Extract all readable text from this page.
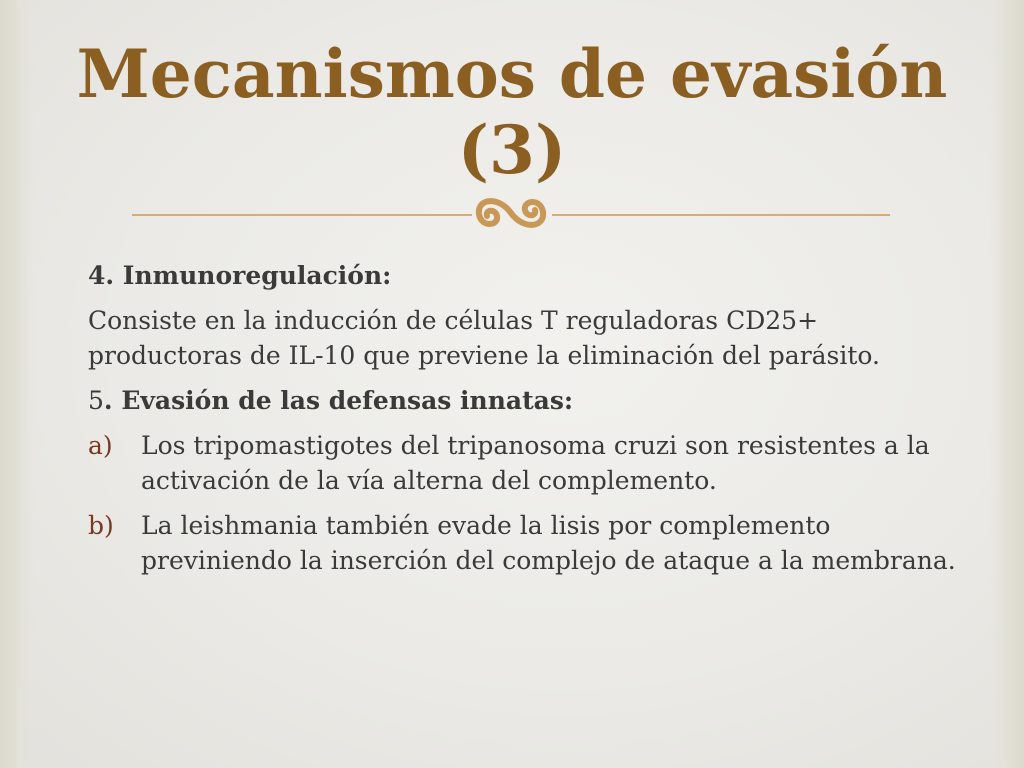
Mecanismos de evasión (3)

4. Inmunoregulación:

Consiste en la inducción de células T reguladoras CD25+ productoras de IL-10 que previene la eliminación del parásito.

5. Evasión de las defensas innatas:

a) Los tripomastigotes del tripanosoma cruzi son resistentes a la activación de la vía alterna del complemento.
b) La leishmania también evade la lisis por complemento previniendo la inserción del complejo de ataque a la membrana.
